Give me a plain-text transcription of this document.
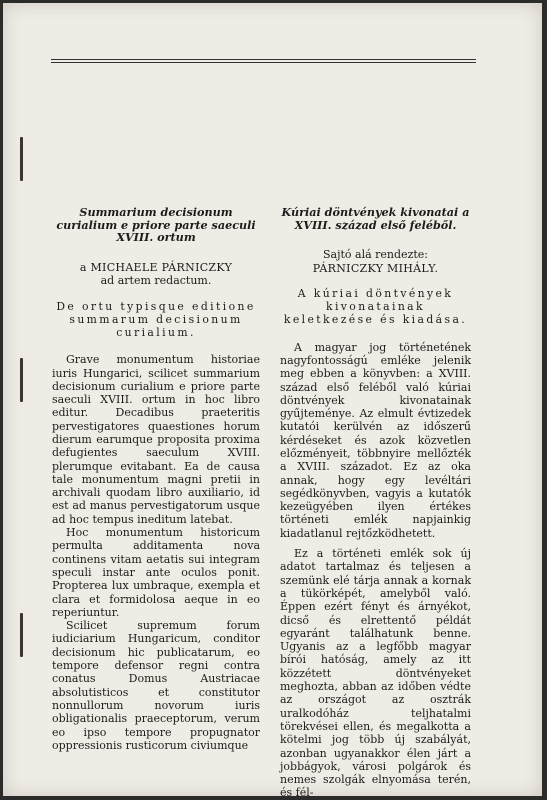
Summarium decisionum curialium e priore parte saeculi XVIII. ortum

a MICHAELE PÁRNICZKY
ad artem redactum.

De ortu typisque editione summarum decisionum curialium.

Grave monumentum historiae iuris Hungarici, scilicet summarium decisionum curialium e priore parte saeculi XVIII. ortum in hoc libro editur. Decadibus praeteritis pervestigatores quaestiones horum dierum earumque proposita proxima defugientes saeculum XVIII. plerumque evitabant. Ea de causa tale monumentum magni pretii in archivali quodam libro auxiliario, id est ad manus pervestigatorum usque ad hoc tempus ineditum latebat.

Hoc monumentum historicum permulta additamenta nova continens vitam aetatis sui integram speculi instar ante oculos ponit. Propterea lux umbraque, exempla et clara et formidolosa aeque in eo reperiuntur.

Scilicet supremum forum iudiciarium Hungaricum, conditor decisionum hic publicatarum, eo tempore defensor regni contra conatus Domus Austriacae absolutisticos et constitutor nonnullorum novorum iuris obligationalis praeceptorum, verum eo ipso tempore propugnator oppressionis rusticorum civiumque

Kúriai döntvények kivonatai a XVIII. század első feléből.

Sajtó alá rendezte:
PÁRNICZKY MIHÁLY.

A kúriai döntvények kivonatainak keletkezése és kiadása.

A magyar jog történetének nagyfontosságú emléke jelenik meg ebben a könyvben: a XVIII. század első feléből való kúriai döntvények kivonatainak gyűjteménye. Az elmult évtizedek kutatói kerülvén az időszerű kérdéseket és azok közvetlen előzményeit, többnyire mellőzték a XVIII. századot. Ez az oka annak, hogy egy levéltári segédkönyvben, vagyis a kutatók kezeügyében ilyen értékes történeti emlék napjainkig kiadatlanul rejtőzködhetett.

Ez a történeti emlék sok új adatot tartalmaz és teljesen a szemünk elé tárja annak a kornak a tükörképét, amelyből való. Éppen ezért fényt és árnyékot, dicső és elrettentő példát egyaránt találhatunk benne. Ugyanis az a legfőbb magyar bírói hatóság, amely az itt közzétett döntvényeket meghozta, abban az időben védte az országot az osztrák uralkodóház teljhatalmi törekvései ellen, és megalkotta a kötelmi jog több új szabályát, azonban ugyanakkor élen járt a jobbágyok, városi polgárok és nemes szolgák elnyomása terén, és fél-
